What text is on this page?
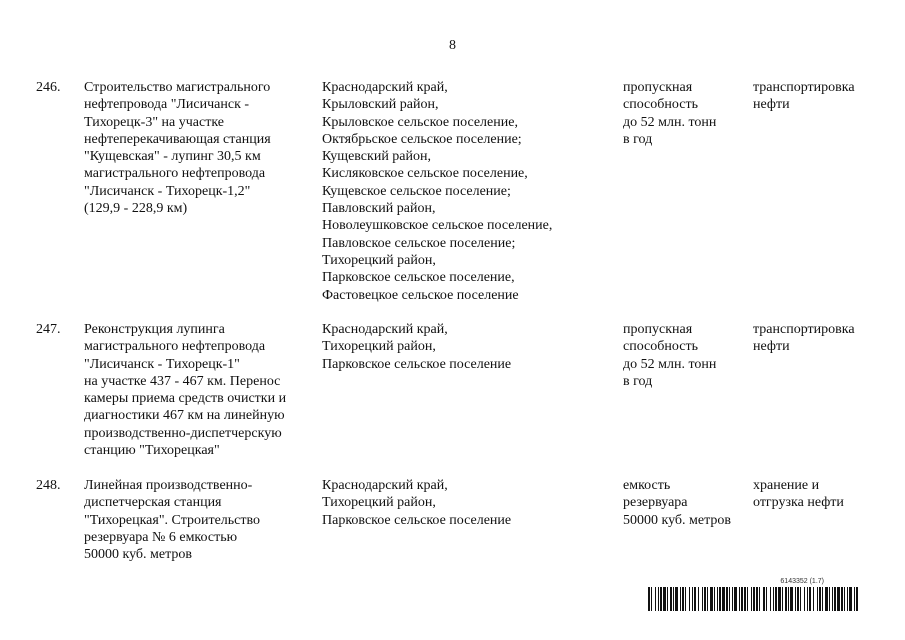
8
246. Строительство магистрального
нефтепровода "Лисичанск -
Тихорецк-3" на участке
нефтеперекачивающая станция
"Кущевская" - лупинг 30,5 км
магистрального нефтепровода
"Лисичанск - Тихорецк-1,2"
(129,9 - 228,9 км)
Краснодарский край,
Крыловский район,
Крыловское сельское поселение,
Октябрьское сельское поселение;
Кущевский район,
Кисляковское сельское поселение,
Кущевское сельское поселение;
Павловский район,
Новолеушковское сельское поселение,
Павловское сельское поселение;
Тихорецкий район,
Парковское сельское поселение,
Фастовецкое сельское поселение
пропускная
способность
до 52 млн. тонн
в год
транспортировка
нефти
247. Реконструкция лупинга
магистрального нефтепровода
"Лисичанск - Тихорецк-1"
на участке 437 - 467 км. Перенос
камеры приема средств очистки и
диагностики 467 км на линейную
производственно-диспетчерскую
станцию "Тихорецкая"
Краснодарский край,
Тихорецкий район,
Парковское сельское поселение
пропускная
способность
до 52 млн. тонн
в год
транспортировка
нефти
248. Линейная производственно-
диспетчерская станция
"Тихорецкая". Строительство
резервуара № 6 емкостью
50000 куб. метров
Краснодарский край,
Тихорецкий район,
Парковское сельское поселение
емкость
резервуара
50000 куб. метров
хранение и
отгрузка нефти
6143352 (1.7)
